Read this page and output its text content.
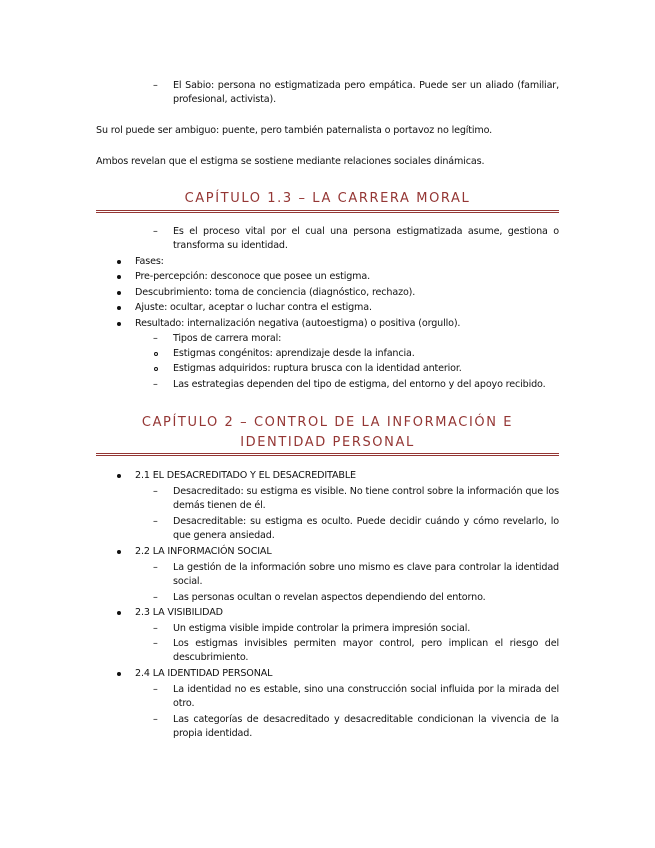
– El Sabio: persona no estigmatizada pero empática. Puede ser un aliado (familiar, profesional, activista).
Su rol puede ser ambiguo: puente, pero también paternalista o portavoz no legítimo.
Ambos revelan que el estigma se sostiene mediante relaciones sociales dinámicas.
CAPÍTULO 1.3 – LA CARRERA MORAL
– Es el proceso vital por el cual una persona estigmatizada asume, gestiona o transforma su identidad.
Fases:
Pre-percepción: desconoce que posee un estigma.
Descubrimiento: toma de conciencia (diagnóstico, rechazo).
Ajuste: ocultar, aceptar o luchar contra el estigma.
Resultado: internalización negativa (autoestigma) o positiva (orgullo).
– Tipos de carrera moral:
Estigmas congénitos: aprendizaje desde la infancia.
Estigmas adquiridos: ruptura brusca con la identidad anterior.
– Las estrategias dependen del tipo de estigma, del entorno y del apoyo recibido.
CAPÍTULO 2 – CONTROL DE LA INFORMACIÓN E IDENTIDAD PERSONAL
2.1 EL DESACREDITADO Y EL DESACREDITABLE
– Desacreditado: su estigma es visible. No tiene control sobre la información que los demás tienen de él.
– Desacreditable: su estigma es oculto. Puede decidir cuándo y cómo revelarlo, lo que genera ansiedad.
2.2 LA INFORMACIÓN SOCIAL
– La gestión de la información sobre uno mismo es clave para controlar la identidad social.
– Las personas ocultan o revelan aspectos dependiendo del entorno.
2.3 LA VISIBILIDAD
– Un estigma visible impide controlar la primera impresión social.
– Los estigmas invisibles permiten mayor control, pero implican el riesgo del descubrimiento.
2.4 LA IDENTIDAD PERSONAL
– La identidad no es estable, sino una construcción social influida por la mirada del otro.
– Las categorías de desacreditado y desacreditable condicionan la vivencia de la propia identidad.
